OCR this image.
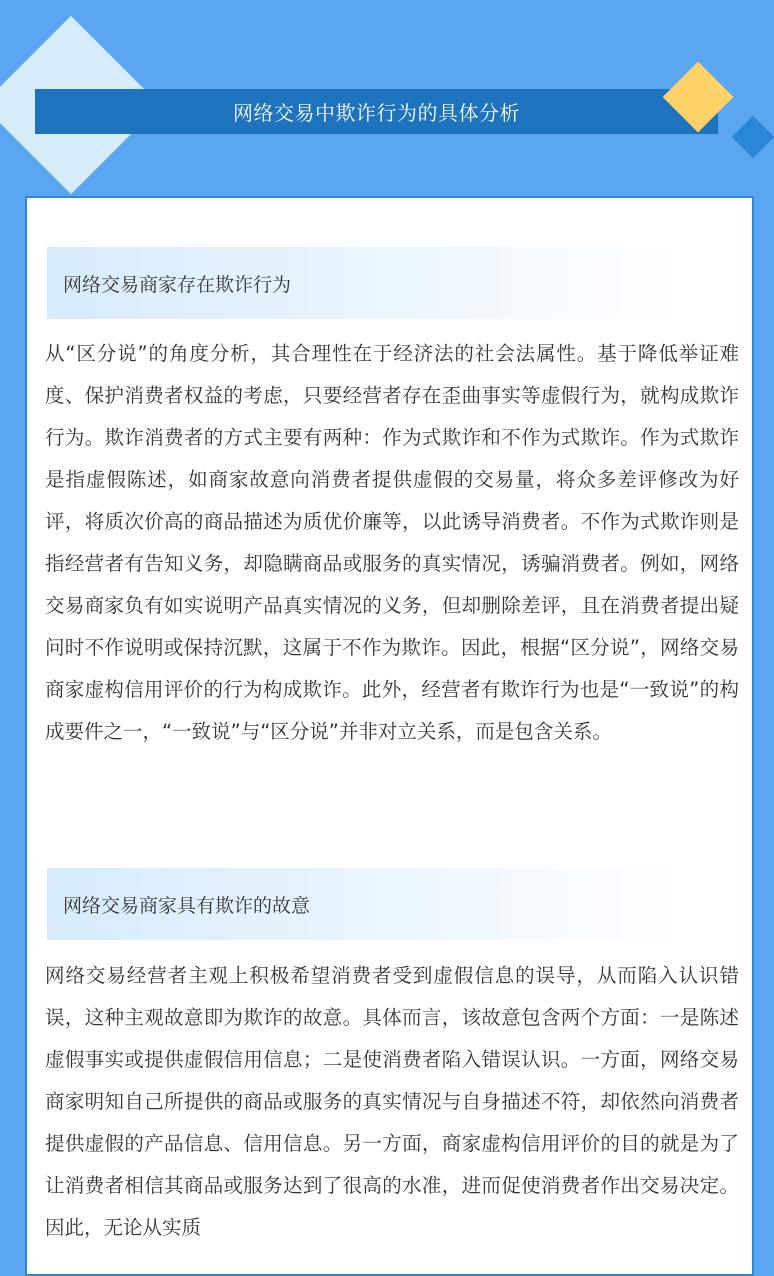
网络交易中欺诈行为的具体分析
网络交易商家存在欺诈行为

从“区分说”的角度分析，其合理性在于经济法的社会法属性。基于降低举证难度、保护消费者权益的考虑，只要经营者存在歪曲事实等虚假行为，就构成欺诈行为。欺诈消费者的方式主要有两种：作为式欺诈和不作为式欺诈。作为式欺诈是指虚假陈述，如商家故意向消费者提供虚假的交易量，将众多差评修改为好评，将质次价高的商品描述为质优价廉等，以此诱导消费者。不作为式欺诈则是指经营者有告知义务，却隐瞒商品或服务的真实情况，诱骗消费者。例如，网络交易商家负有如实说明产品真实情况的义务，但却删除差评，且在消费者提出疑问时不作说明或保持沉默，这属于不作为欺诈。因此，根据“区分说”，网络交易商家虚构信用评价的行为构成欺诈。此外，经营者有欺诈行为也是“一致说”的构成要件之一，“一致说”与“区分说”并非对立关系，而是包含关系。

网络交易商家具有欺诈的故意

网络交易经营者主观上积极希望消费者受到虚假信息的误导，从而陷入认识错误，这种主观故意即为欺诈的故意。具体而言，该故意包含两个方面：一是陈述虚假事实或提供虚假信用信息；二是使消费者陷入错误认识。一方面，网络交易商家明知自己所提供的商品或服务的真实情况与自身描述不符，却依然向消费者提供虚假的产品信息、信用信息。另一方面，商家虚构信用评价的目的就是为了让消费者相信其商品或服务达到了很高的水准，进而促使消费者作出交易决定。因此，无论从实质
